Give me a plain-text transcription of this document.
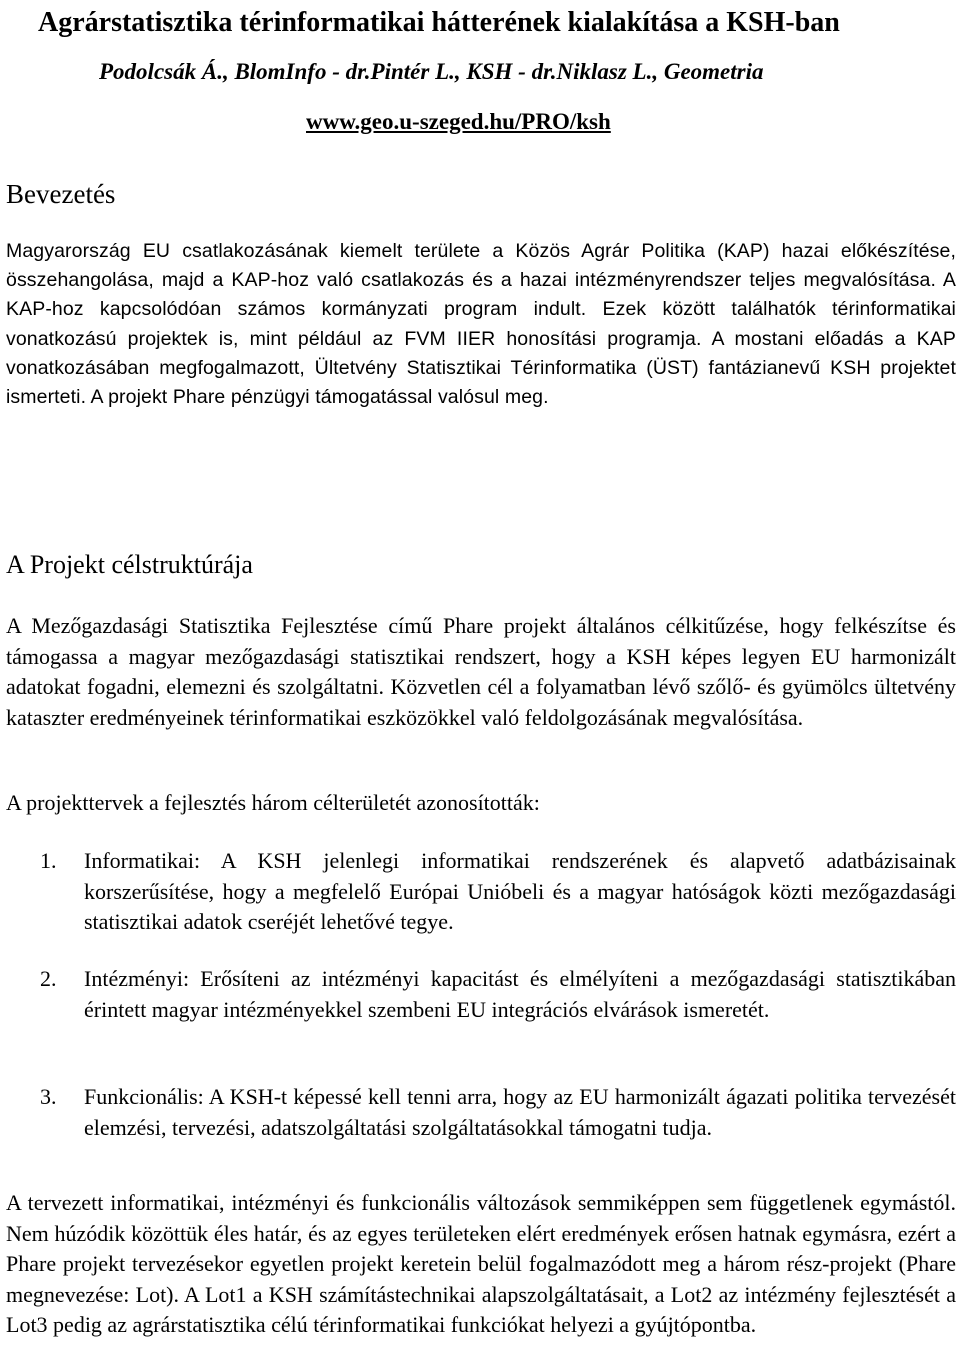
Agrárstatisztika térinformatikai hátterének kialakítása a KSH-ban
Podolcsák Á., BlomInfo - dr.Pintér L., KSH - dr.Niklasz L., Geometria
www.geo.u-szeged.hu/PRO/ksh
Bevezetés
Magyarország EU csatlakozásának kiemelt területe a Közös Agrár Politika (KAP) hazai előkészítése, összehangolása, majd a KAP-hoz való csatlakozás és a hazai intézményrendszer teljes megvalósítása. A KAP-hoz kapcsolódóan számos kormányzati program indult. Ezek között találhatók térinformatikai vonatkozású projektek is, mint például az FVM IIER honosítási programja. A mostani előadás a KAP vonatkozásában megfogalmazott, Ültetvény Statisztikai Térinformatika (ÜST) fantázianevű KSH projektet ismerteti. A projekt Phare pénzügyi támogatással valósul meg.
A Projekt célstruktúrája
A Mezőgazdasági Statisztika Fejlesztése című Phare projekt általános célkitűzése, hogy felkészítse és támogassa a magyar mezőgazdasági statisztikai rendszert, hogy a KSH képes legyen EU harmonizált adatokat fogadni, elemezni és szolgáltatni. Közvetlen cél a folyamatban lévő szőlő- és gyümölcs ültetvény kataszter eredményeinek térinformatikai eszközökkel való feldolgozásának megvalósítása.
A projekttervek a fejlesztés három célterületét azonosították:
1.	Informatikai: A KSH jelenlegi informatikai rendszerének és alapvető adatbázisainak korszerűsítése, hogy a megfelelő Európai Unióbeli és a magyar hatóságok közti mezőgazdasági statisztikai adatok cseréjét lehetővé tegye.
2.	Intézményi: Erősíteni az intézményi kapacitást és elmélyíteni a mezőgazdasági statisztikában érintett magyar intézményekkel szembeni EU integrációs elvárások ismeretét.
3.	Funkcionális: A KSH-t képessé kell tenni arra, hogy az EU harmonizált ágazati politika tervezését elemzési, tervezési, adatszolgáltatási szolgáltatásokkal támogatni tudja.
A tervezett informatikai, intézményi és funkcionális változások semmiképpen sem függetlenek egymástól. Nem húzódik közöttük éles határ, és az egyes területeken elért eredmények erősen hatnak egymásra, ezért a Phare projekt tervezésekor egyetlen projekt keretein belül fogalmazódott meg a három rész-projekt (Phare megnevezése: Lot). A Lot1 a KSH számítástechnikai alapszolgáltatásait, a Lot2 az intézmény fejlesztését a Lot3 pedig az agrárstatisztika célú térinformatikai funkciókat helyezi a gyújtópontba.
